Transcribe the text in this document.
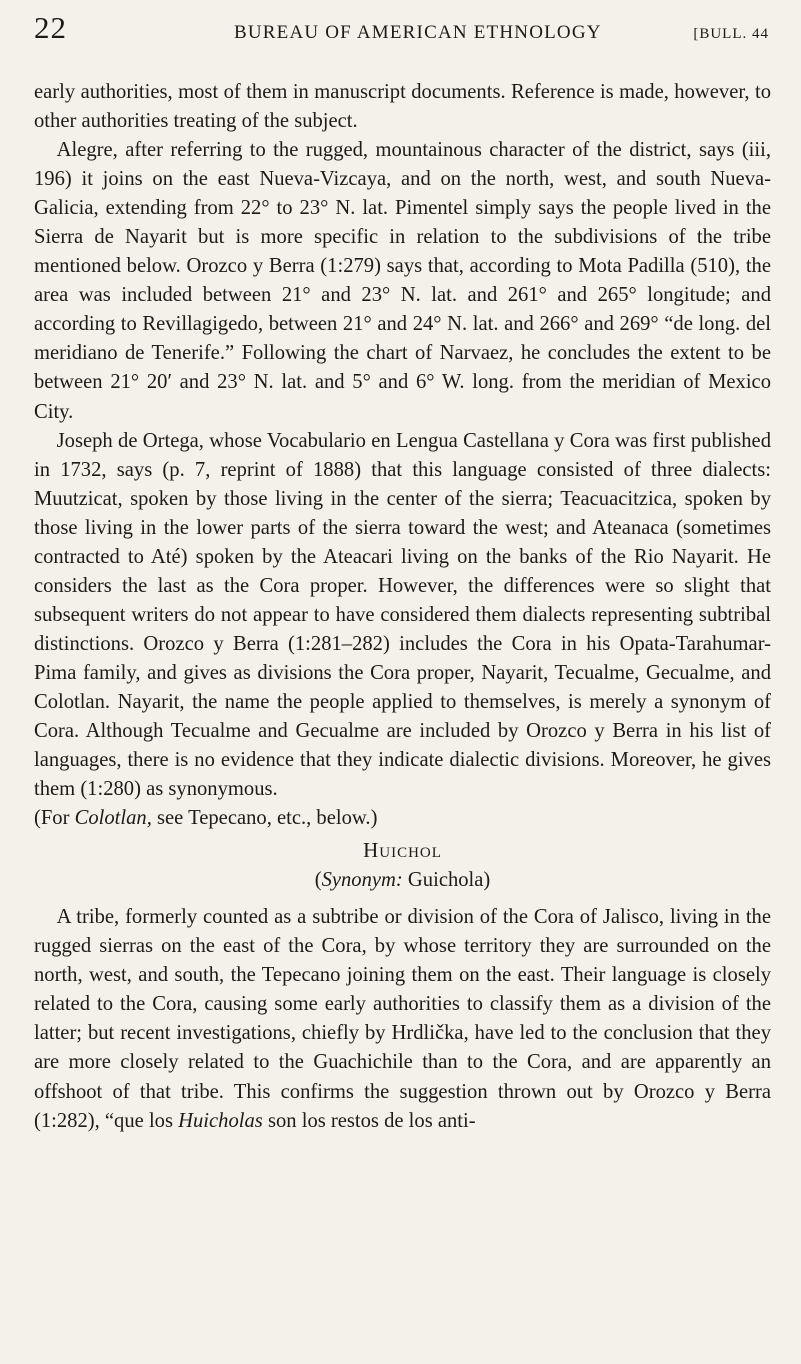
22	BUREAU OF AMERICAN ETHNOLOGY	[BULL. 44

early authorities, most of them in manuscript documents. Reference is made, however, to other authorities treating of the subject.

Alegre, after referring to the rugged, mountainous character of the district, says (iii, 196) it joins on the east Nueva-Vizcaya, and on the north, west, and south Nueva-Galicia, extending from 22° to 23° N. lat. Pimentel simply says the people lived in the Sierra de Nayarit but is more specific in relation to the subdivisions of the tribe mentioned below. Orozco y Berra (1:279) says that, according to Mota Padilla (510), the area was included between 21° and 23° N. lat. and 261° and 265° longitude; and according to Revillagigedo, between 21° and 24° N. lat. and 266° and 269° “de long. del meridiano de Tenerife.” Following the chart of Narvaez, he concludes the extent to be between 21° 20′ and 23° N. lat. and 5° and 6° W. long. from the meridian of Mexico City.

Joseph de Ortega, whose Vocabulario en Lengua Castellana y Cora was first published in 1732, says (p. 7, reprint of 1888) that this language consisted of three dialects: Muutzicat, spoken by those living in the center of the sierra; Teacuacitzica, spoken by those living in the lower parts of the sierra toward the west; and Ateanaca (sometimes contracted to Até) spoken by the Ateacari living on the banks of the Rio Nayarit. He considers the last as the Cora proper. However, the differences were so slight that subsequent writers do not appear to have considered them dialects representing subtribal distinctions. Orozco y Berra (1:281–282) includes the Cora in his Opata-Tarahumar-Pima family, and gives as divisions the Cora proper, Nayarit, Tecualme, Gecualme, and Colotlan. Nayarit, the name the people applied to themselves, is merely a synonym of Cora. Although Tecualme and Gecualme are included by Orozco y Berra in his list of languages, there is no evidence that they indicate dialectic divisions. Moreover, he gives them (1:280) as synonymous.

(For Colotlan, see Tepecano, etc., below.)

Huichol
(Synonym: Guichola)

A tribe, formerly counted as a subtribe or division of the Cora of Jalisco, living in the rugged sierras on the east of the Cora, by whose territory they are surrounded on the north, west, and south, the Tepecano joining them on the east. Their language is closely related to the Cora, causing some early authorities to classify them as a division of the latter; but recent investigations, chiefly by Hrdlička, have led to the conclusion that they are more closely related to the Guachichile than to the Cora, and are apparently an offshoot of that tribe. This confirms the suggestion thrown out by Orozco y Berra (1:282), “que los Huicholas son los restos de los anti-
